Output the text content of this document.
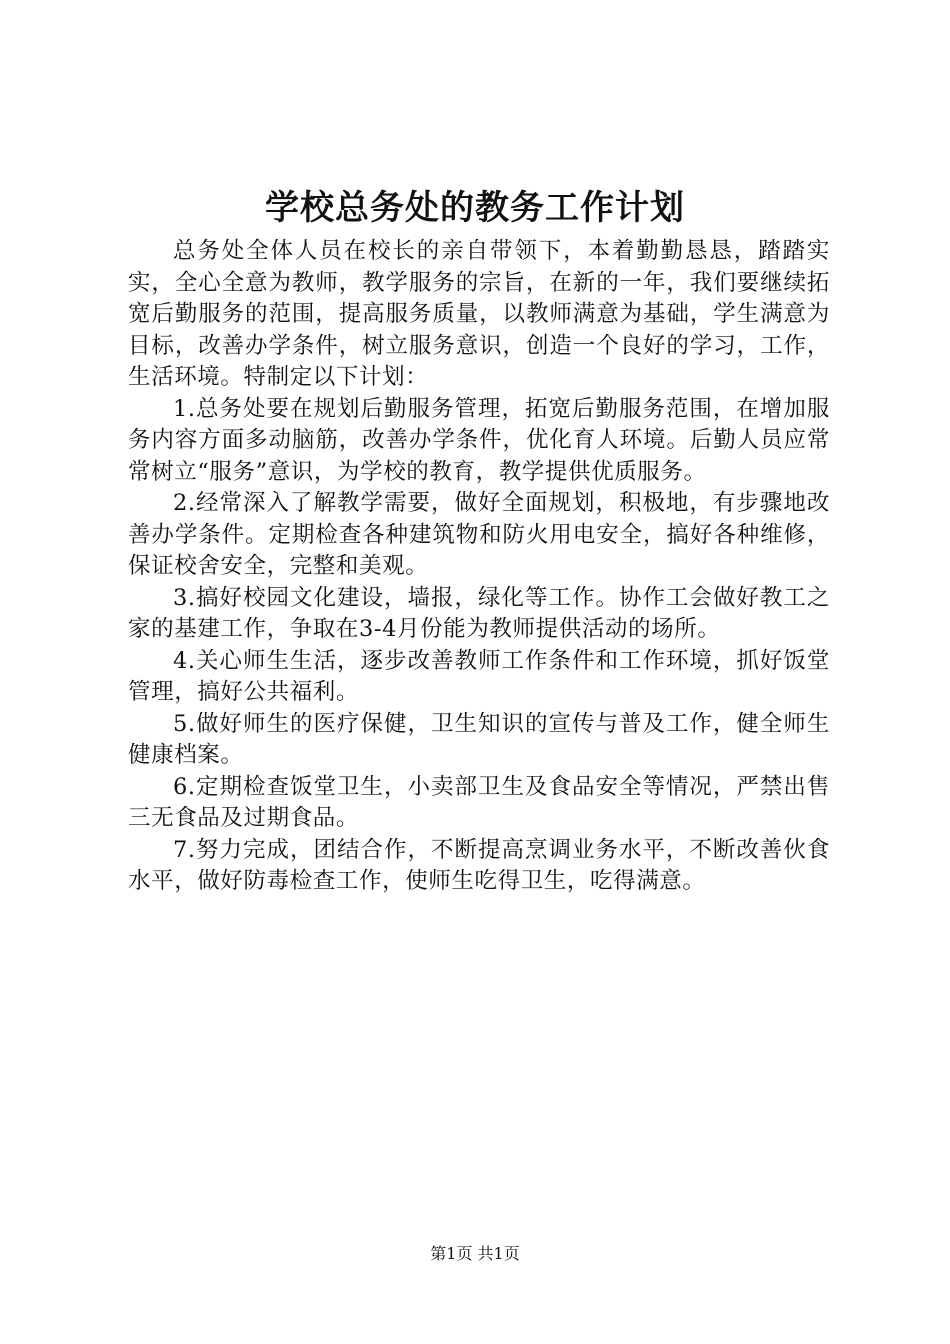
学校总务处的教务工作计划

总务处全体人员在校长的亲自带领下，本着勤勤恳恳，踏踏实实，全心全意为教师，教学服务的宗旨，在新的一年，我们要继续拓宽后勤服务的范围，提高服务质量，以教师满意为基础，学生满意为目标，改善办学条件，树立服务意识，创造一个良好的学习，工作，生活环境。特制定以下计划：

1.总务处要在规划后勤服务管理，拓宽后勤服务范围，在增加服务内容方面多动脑筋，改善办学条件，优化育人环境。后勤人员应常常树立“服务”意识，为学校的教育，教学提供优质服务。

2.经常深入了解教学需要，做好全面规划，积极地，有步骤地改善办学条件。定期检查各种建筑物和防火用电安全，搞好各种维修，保证校舍安全，完整和美观。

3.搞好校园文化建设，墙报，绿化等工作。协作工会做好教工之家的基建工作，争取在3-4月份能为教师提供活动的场所。

4.关心师生生活，逐步改善教师工作条件和工作环境，抓好饭堂管理，搞好公共福利。

5.做好师生的医疗保健，卫生知识的宣传与普及工作，健全师生健康档案。

6.定期检查饭堂卫生，小卖部卫生及食品安全等情况，严禁出售三无食品及过期食品。

7.努力完成，团结合作，不断提高烹调业务水平，不断改善伙食水平，做好防毒检查工作，使师生吃得卫生，吃得满意。

第1页 共1页
